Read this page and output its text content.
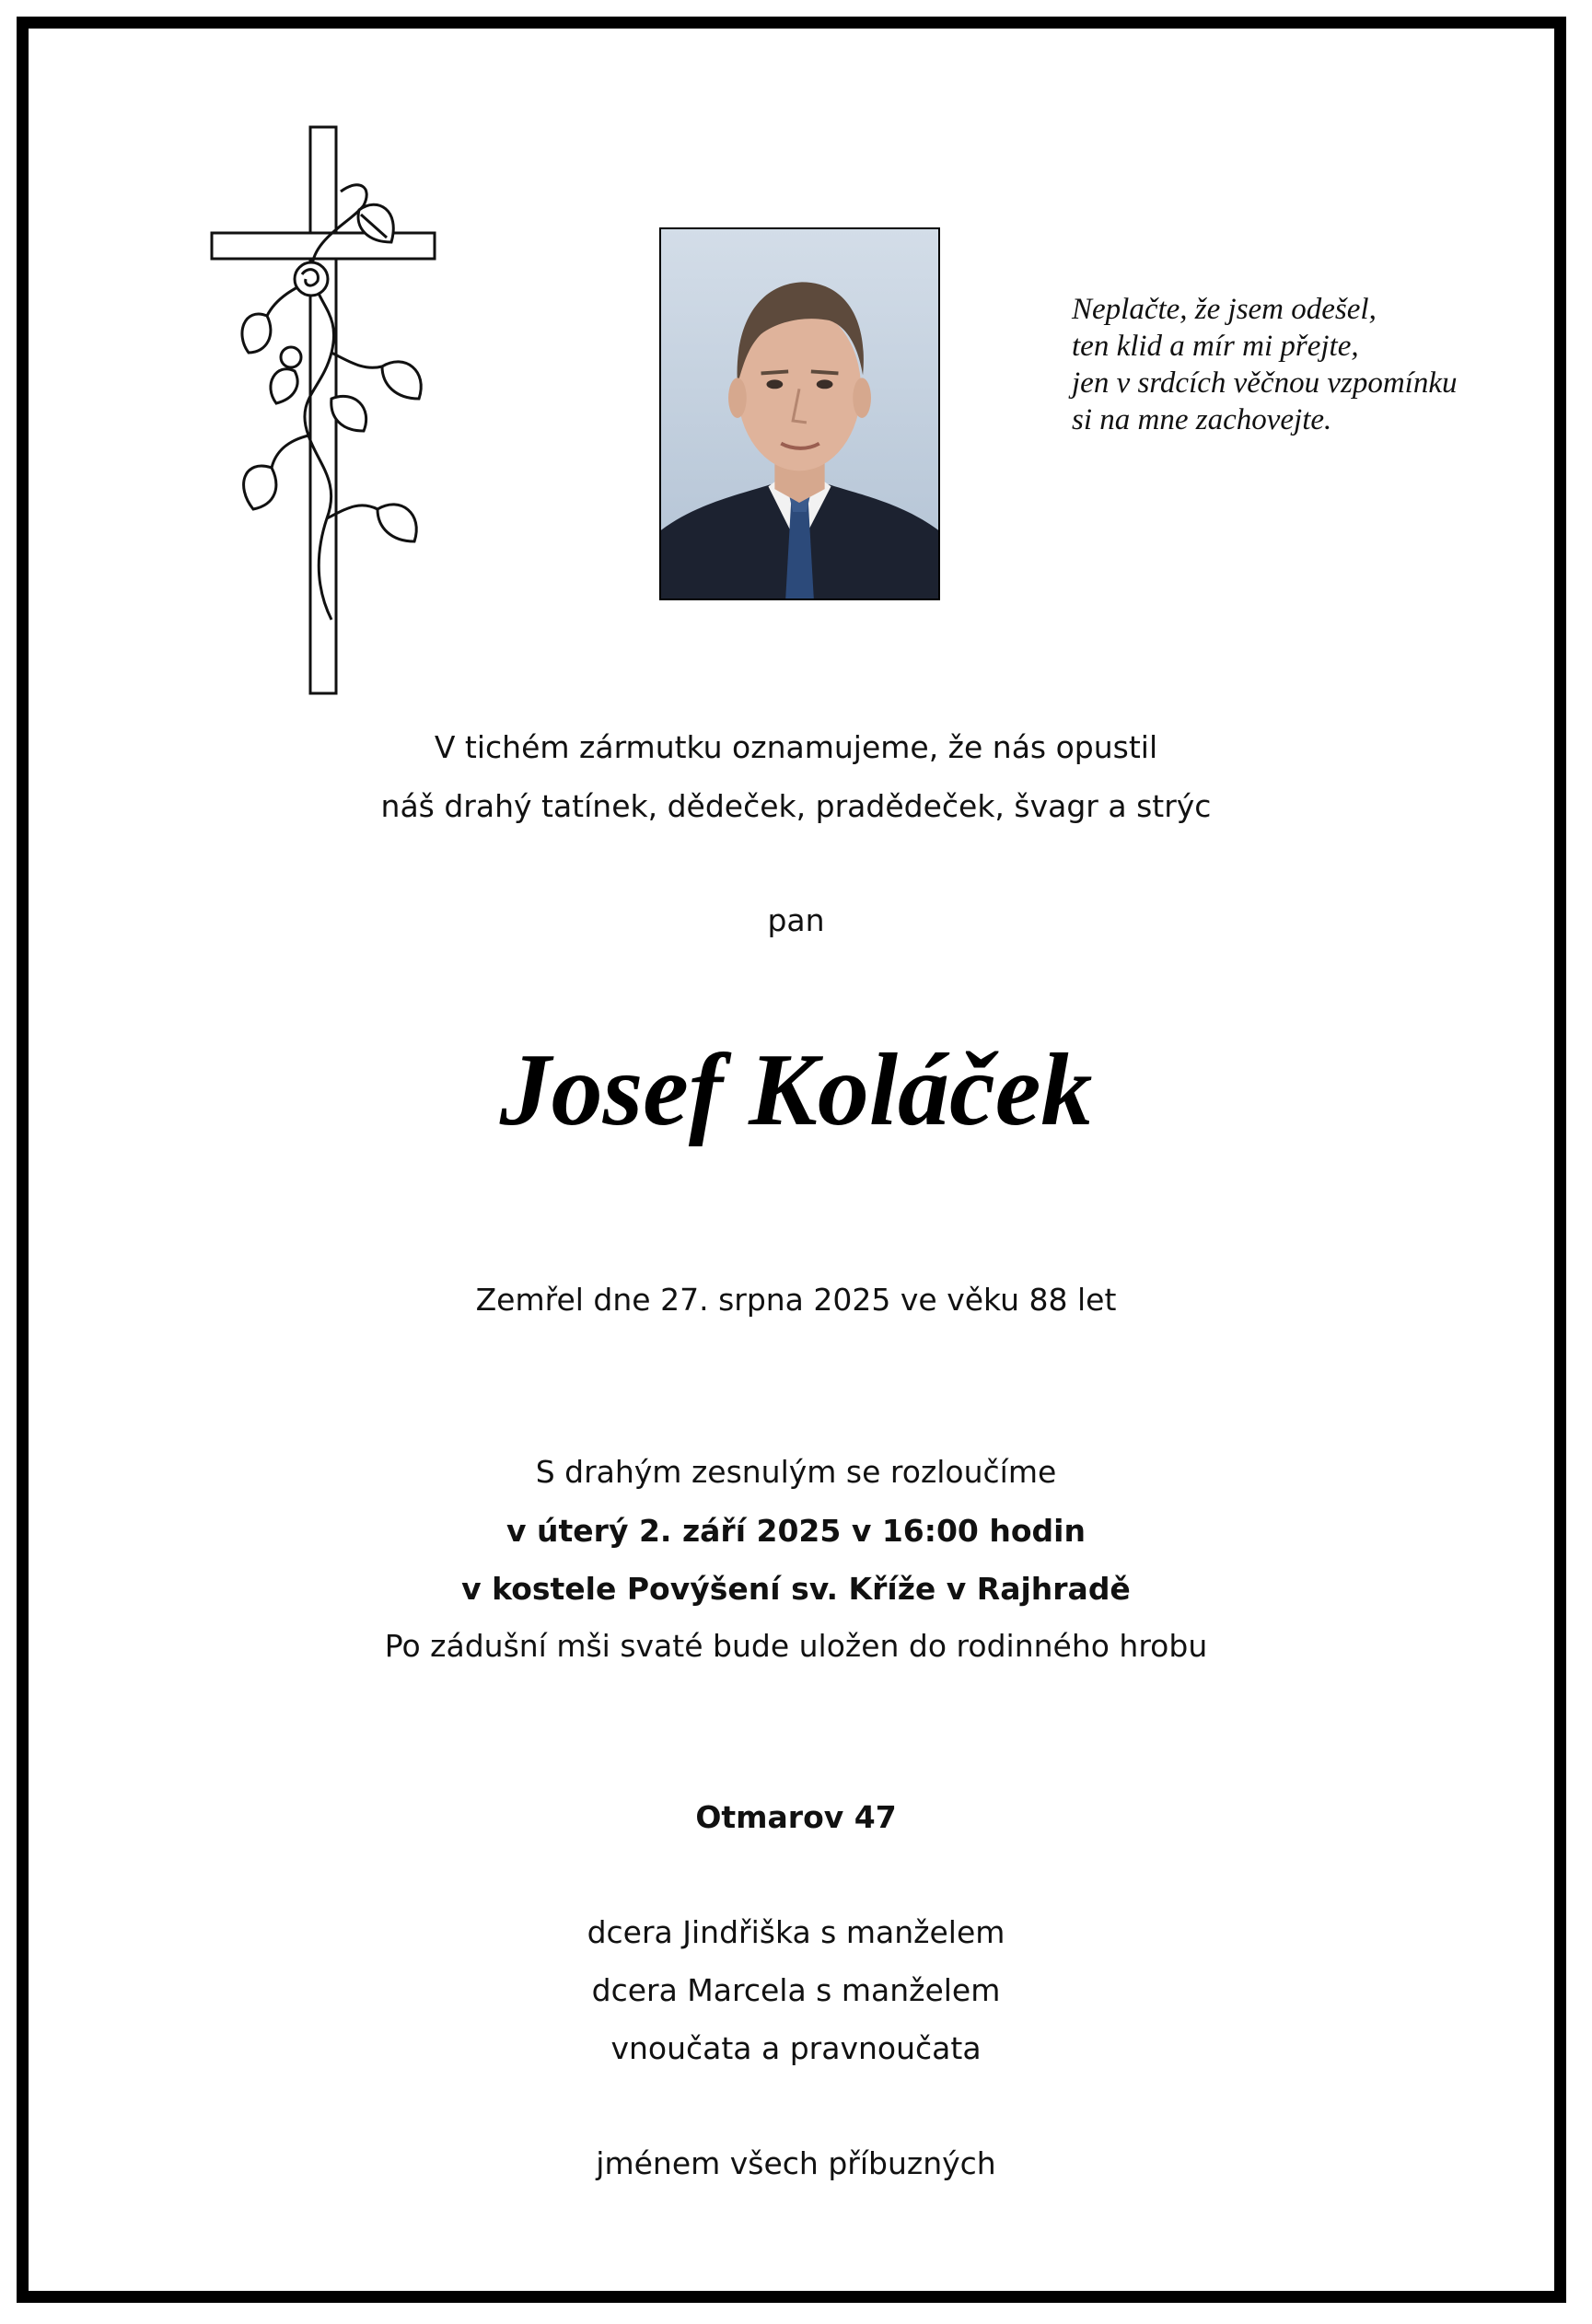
Neplačte, že jsem odešel,
ten klid a mír mi přejte,
jen v srdcích věčnou vzpomínku
si na mne zachovejte.
V tichém zármutku oznamujeme, že nás opustil
náš drahý tatínek, dědeček, pradědeček, švagr a strýc
pan
Josef Koláček
Zemřel dne 27. srpna 2025 ve věku 88 let
S drahým zesnulým se rozloučíme
v úterý 2. září 2025 v 16:00 hodin
v kostele Povýšení sv. Kříže v Rajhradě
Po zádušní mši svaté bude uložen do rodinného hrobu
Otmarov 47
dcera Jindřiška s manželem
dcera Marcela s manželem
vnoučata a pravnoučata
jménem všech příbuzných
